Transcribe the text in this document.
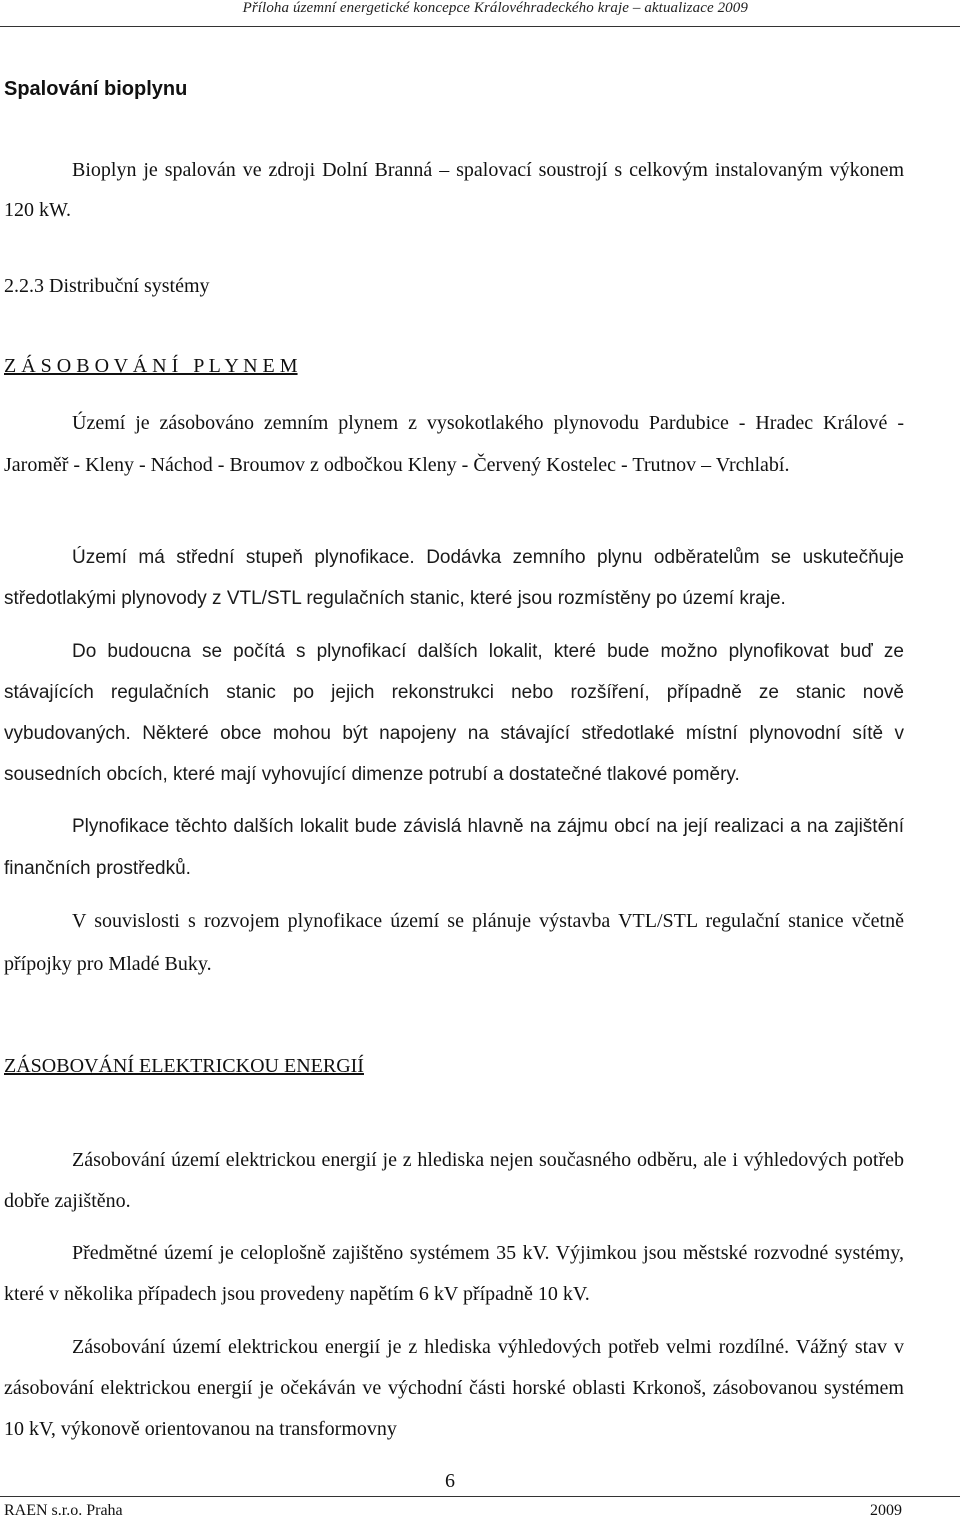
Příloha územní energetické koncepce Královéhradeckého kraje – aktualizace 2009

Spalování bioplynu

Bioplyn je spalován ve zdroji Dolní Branná – spalovací soustrojí s celkovým instalovaným výkonem 120 kW.

2.2.3 Distribuční systémy

Z Á S O B O V Á N Í   P L Y N E M

Území je zásobováno zemním plynem z vysokotlakého plynovodu Pardubice - Hradec Králové - Jaroměř - Kleny - Náchod - Broumov z odbočkou Kleny - Červený Kostelec - Trutnov – Vrchlabí.

Území má střední stupeň plynofikace. Dodávka zemního plynu odběratelům se uskutečňuje středotlakými plynovody z VTL/STL regulačních stanic, které jsou rozmístěny po území kraje.

Do budoucna se počítá s plynofikací dalších lokalit, které bude možno plynofikovat buď ze stávajících regulačních stanic po jejich rekonstrukci nebo rozšíření, případně ze stanic nově vybudovaných. Některé obce mohou být napojeny na stávající středotlaké místní plynovodní sítě v sousedních obcích, které mají vyhovující dimenze potrubí a dostatečné tlakové poměry.

Plynofikace těchto dalších lokalit bude závislá hlavně na zájmu obcí na její realizaci a na zajištění finančních prostředků.

V souvislosti s rozvojem plynofikace území se plánuje výstavba VTL/STL regulační stanice včetně přípojky pro Mladé Buky.

ZÁSOBOVÁNÍ ELEKTRICKOU ENERGIÍ

Zásobování území elektrickou energií je z hlediska nejen současného odběru, ale i výhledových potřeb dobře zajištěno.

Předmětné území je celoplošně zajištěno systémem 35 kV. Výjimkou jsou městské rozvodné systémy, které v několika případech jsou provedeny napětím 6 kV případně 10 kV.

Zásobování území elektrickou energií je z hlediska výhledových potřeb velmi rozdílné. Vážný stav v zásobování elektrickou energií je očekáván ve východní části horské oblasti Krkonoš, zásobovanou systémem 10 kV, výkonově orientovanou na transformovny

6
RAEN s.r.o. Praha	2009
